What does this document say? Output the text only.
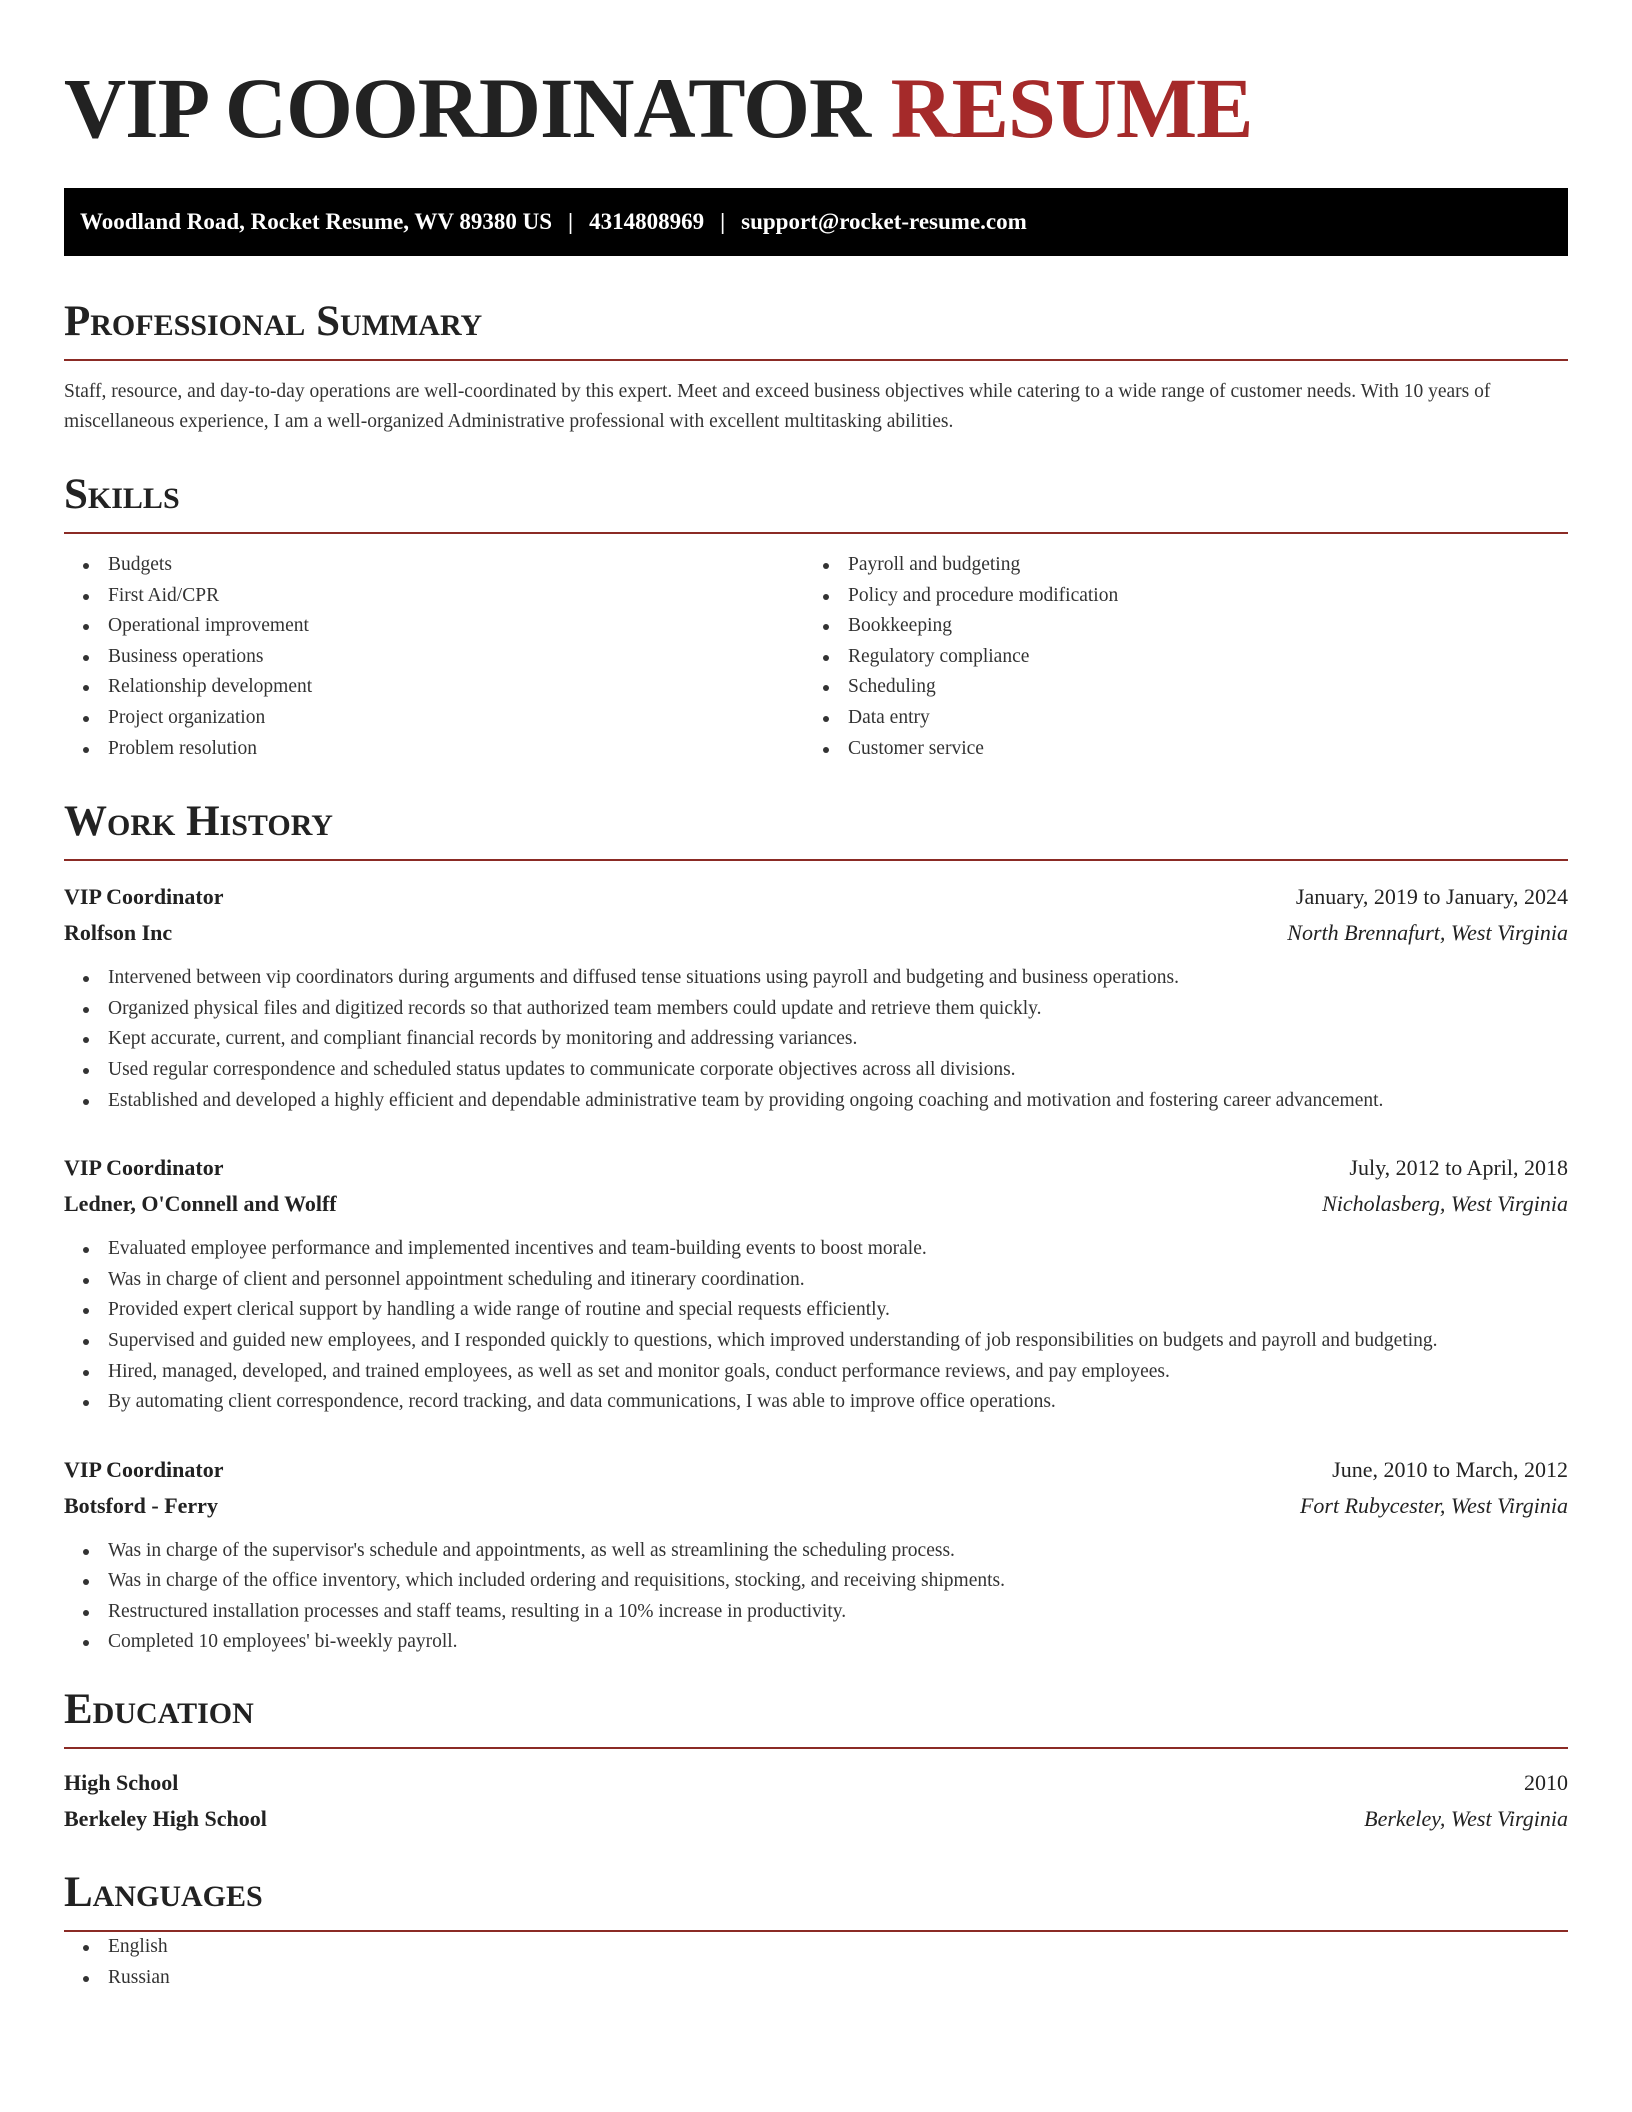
VIP COORDINATOR RESUME
Woodland Road, Rocket Resume, WV 89380 US | 4314808969 | support@rocket-resume.com
Professional Summary

Staff, resource, and day-to-day operations are well-coordinated by this expert. Meet and exceed business objectives while catering to a wide range of customer needs. With 10 years of miscellaneous experience, I am a well-organized Administrative professional with excellent multitasking abilities.

Skills
Budgets
First Aid/CPR
Operational improvement
Business operations
Relationship development
Project organization
Problem resolution
Payroll and budgeting
Policy and procedure modification
Bookkeeping
Regulatory compliance
Scheduling
Data entry
Customer service
Work History
VIP Coordinator	January, 2019 to January, 2024
Rolfson Inc	North Brennafurt, West Virginia
Intervened between vip coordinators during arguments and diffused tense situations using payroll and budgeting and business operations.
Organized physical files and digitized records so that authorized team members could update and retrieve them quickly.
Kept accurate, current, and compliant financial records by monitoring and addressing variances.
Used regular correspondence and scheduled status updates to communicate corporate objectives across all divisions.
Established and developed a highly efficient and dependable administrative team by providing ongoing coaching and motivation and fostering career advancement.
VIP Coordinator	July, 2012 to April, 2018
Ledner, O'Connell and Wolff	Nicholasberg, West Virginia
Evaluated employee performance and implemented incentives and team-building events to boost morale.
Was in charge of client and personnel appointment scheduling and itinerary coordination.
Provided expert clerical support by handling a wide range of routine and special requests efficiently.
Supervised and guided new employees, and I responded quickly to questions, which improved understanding of job responsibilities on budgets and payroll and budgeting.
Hired, managed, developed, and trained employees, as well as set and monitor goals, conduct performance reviews, and pay employees.
By automating client correspondence, record tracking, and data communications, I was able to improve office operations.
VIP Coordinator	June, 2010 to March, 2012
Botsford - Ferry	Fort Rubycester, West Virginia
Was in charge of the supervisor's schedule and appointments, as well as streamlining the scheduling process.
Was in charge of the office inventory, which included ordering and requisitions, stocking, and receiving shipments.
Restructured installation processes and staff teams, resulting in a 10% increase in productivity.
Completed 10 employees' bi-weekly payroll.
Education
High School	2010
Berkeley High School	Berkeley, West Virginia
Languages
English
Russian
